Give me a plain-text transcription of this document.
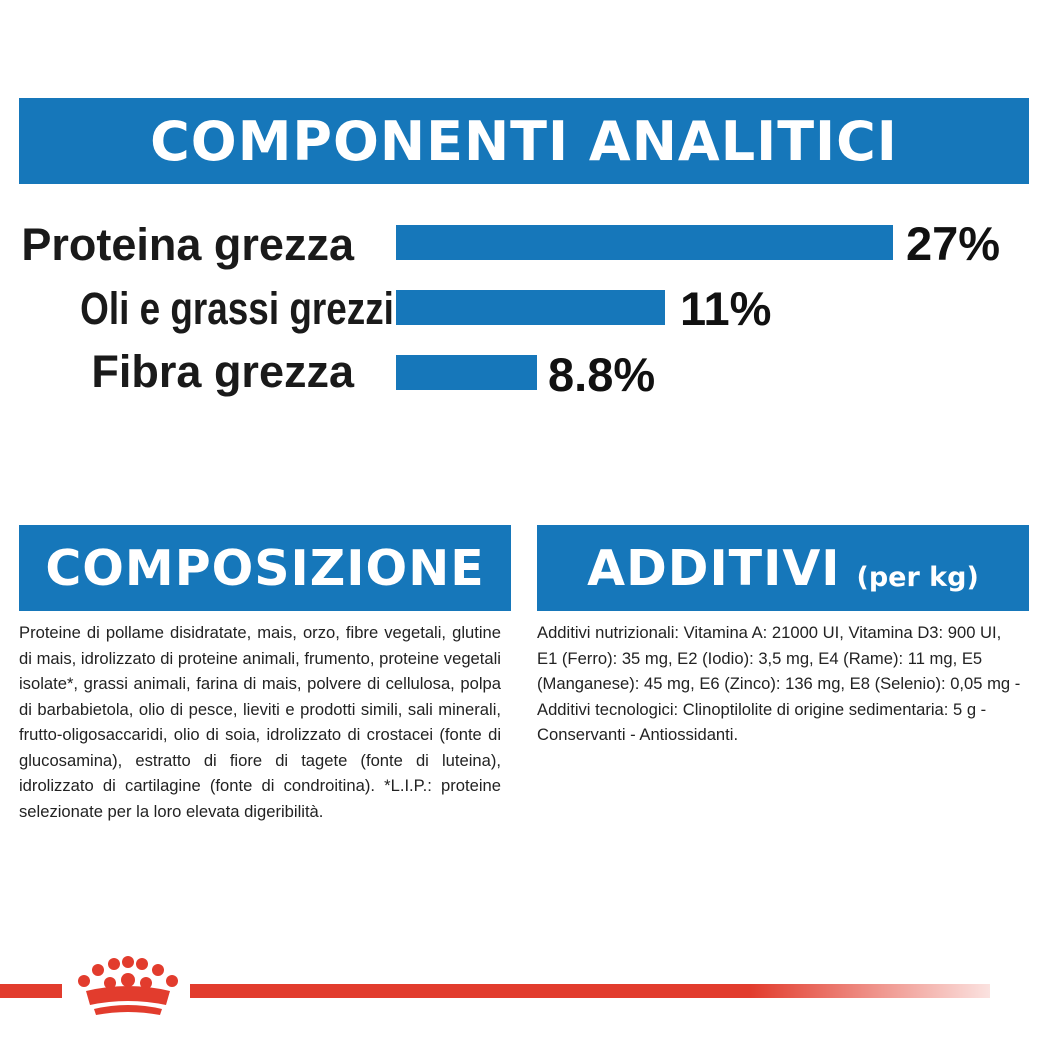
COMPONENTI ANALITICI
Proteina grezza	27%
Oli e grassi grezzi	11%
Fibra grezza	8.8%
COMPOSIZIONE

Proteine di pollame disidratate, mais, orzo, fibre vegetali, glutine di mais, idrolizzato di proteine animali, frumento, proteine vegetali isolate*, grassi animali, farina di mais, polvere di cellulosa, polpa di barbabietola, olio di pesce, lieviti e prodotti simili, sali minerali, frutto-oligosaccaridi, olio di soia, idrolizzato di crostacei (fonte di glucosamina), estratto di fiore di tagete (fonte di luteina), idrolizzato di cartilagine (fonte di condroitina). *L.I.P.: proteine selezionate per la loro elevata digeribilità.

ADDITIVI (per kg)

Additivi nutrizionali: Vitamina A: 21000 UI, Vitamina D3: 900 UI, E1 (Ferro): 35 mg, E2 (Iodio): 3,5 mg, E4 (Rame): 11 mg, E5 (Manganese): 45 mg, E6 (Zinco): 136 mg, E8 (Selenio): 0,05 mg - Additivi tecnologici: Clinoptilolite di origine sedimentaria: 5 g - Conservanti - Antiossidanti.
